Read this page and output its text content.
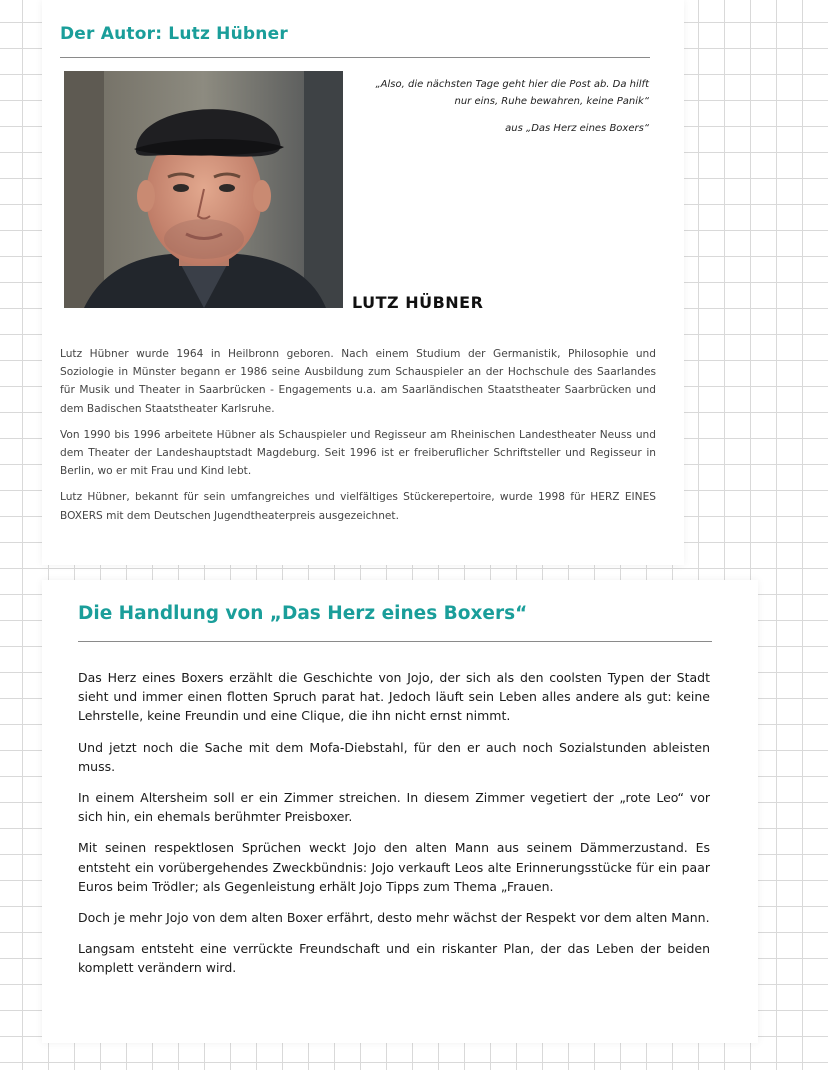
Der Autor: Lutz Hübner
„Also, die nächsten Tage geht hier die Post ab. Da hilft nur eins, Ruhe bewahren, keine Panik“
aus „Das Herz eines Boxers“
LUTZ HÜBNER

Lutz Hübner wurde 1964 in Heilbronn geboren. Nach einem Studium der Germanistik, Philosophie und Soziologie in Münster begann er 1986 seine Ausbildung zum Schauspieler an der Hochschule des Saarlandes für Musik und Theater in Saarbrücken - Engagements u.a. am Saarländischen Staatstheater Saarbrücken und dem Badischen Staatstheater Karlsruhe.

Von 1990 bis 1996 arbeitete Hübner als Schauspieler und Regisseur am Rheinischen Landestheater Neuss und dem Theater der Landeshauptstadt Magdeburg. Seit 1996 ist er freiberuflicher Schriftsteller und Regisseur in Berlin, wo er mit Frau und Kind lebt.

Lutz Hübner, bekannt für sein umfangreiches und vielfältiges Stückerepertoire, wurde 1998 für HERZ EINES BOXERS mit dem Deutschen Jugendtheaterpreis ausgezeichnet.

Die Handlung von „Das Herz eines Boxers“

Das Herz eines Boxers erzählt die Geschichte von Jojo, der sich als den coolsten Typen der Stadt sieht und immer einen flotten Spruch parat hat. Jedoch läuft sein Leben alles andere als gut: keine Lehrstelle, keine Freundin und eine Clique, die ihn nicht ernst nimmt.

Und jetzt noch die Sache mit dem Mofa-Diebstahl, für den er auch noch Sozialstunden ableisten muss.

In einem Altersheim soll er ein Zimmer streichen. In diesem Zimmer vegetiert der „rote Leo“ vor sich hin, ein ehemals berühmter Preisboxer.

Mit seinen respektlosen Sprüchen weckt Jojo den alten Mann aus seinem Dämmerzustand. Es entsteht ein vorübergehendes Zweckbündnis: Jojo verkauft Leos alte Erinnerungsstücke für ein paar Euros beim Trödler; als Gegenleistung erhält Jojo Tipps zum Thema „Frauen.

Doch je mehr Jojo von dem alten Boxer erfährt, desto mehr wächst der Respekt vor dem alten Mann.

Langsam entsteht eine verrückte Freundschaft und ein riskanter Plan, der das Leben der beiden komplett verändern wird.
